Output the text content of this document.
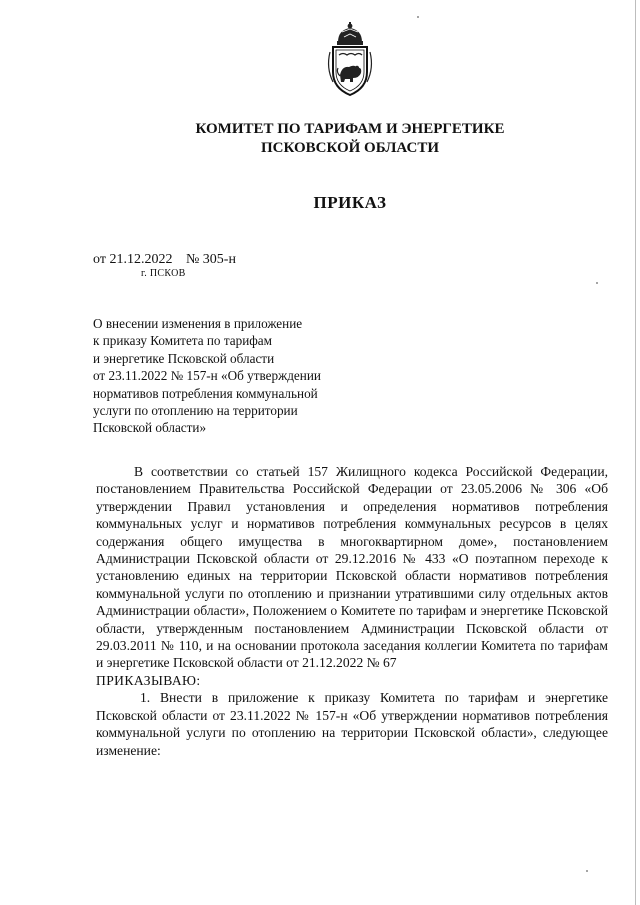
КОМИТЕТ ПО ТАРИФАМ И ЭНЕРГЕТИКЕ
ПСКОВСКОЙ ОБЛАСТИ
ПРИКАЗ
от 21.12.2022 № 305-н
г. ПСКОВ
О внесении изменения в приложение
к приказу Комитета по тарифам
и энергетике Псковской области
от 23.11.2022 № 157-н «Об утверждении
нормативов потребления коммунальной
услуги по отоплению на территории
Псковской области»

В соответствии со статьей 157 Жилищного кодекса Российской Федерации, постановлением Правительства Российской Федерации от 23.05.2006 № 306 «Об утверждении Правил установления и определения нормативов потребления коммунальных услуг и нормативов потребления коммунальных ресурсов в целях содержания общего имущества в многоквартирном доме», постановлением Администрации Псковской области от 29.12.2016 № 433 «О поэтапном переходе к установлению единых на территории Псковской области нормативов потребления коммунальной услуги по отоплению и признании утратившими силу отдельных актов Администрации области», Положением о Комитете по тарифам и энергетике Псковской области, утвержденным постановлением Администрации Псковской области от 29.03.2011 № 110, и на основании протокола заседания коллегии Комитета по тарифам и энергетике Псковской области от 21.12.2022 № 67

ПРИКАЗЫВАЮ:

1. Внести в приложение к приказу Комитета по тарифам и энергетике Псковской области от 23.11.2022 № 157-н «Об утверждении нормативов потребления коммунальной услуги по отоплению на территории Псковской области», следующее изменение:
